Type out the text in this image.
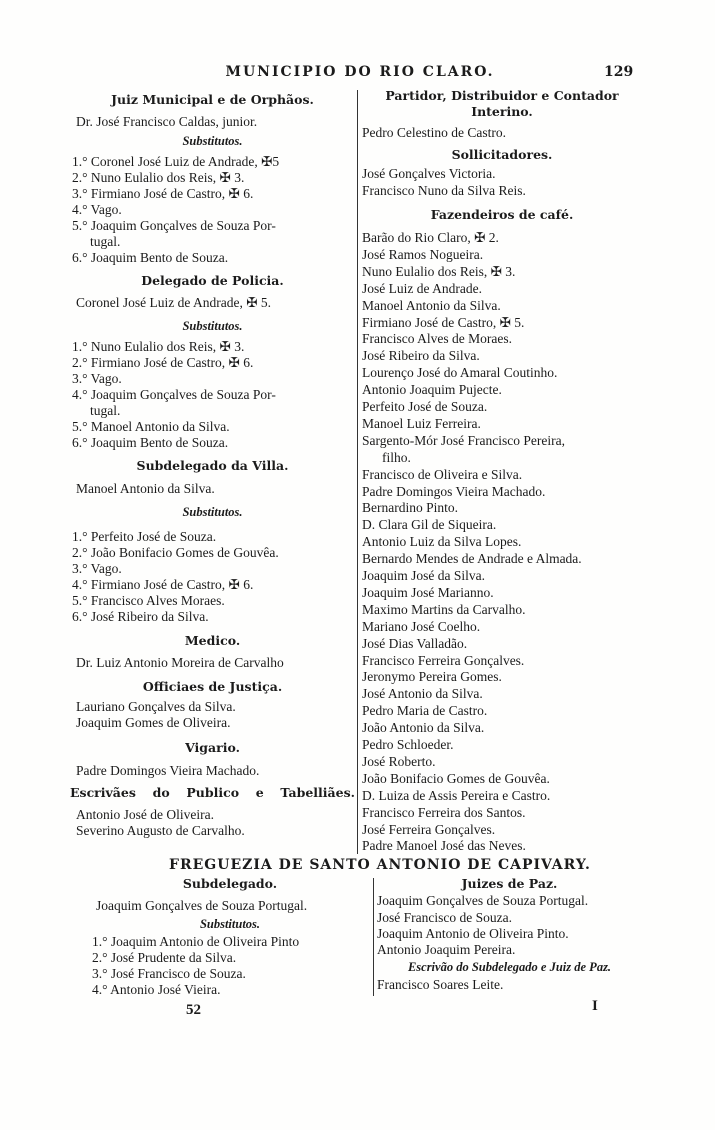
MUNICIPIO DO RIO CLARO.	129
FREGUEZIA DE SANTO ANTONIO DE CAPIVARY.
52	I
Juiz Municipal e de Orphãos.
Dr. José Francisco Caldas, junior.
Substitutos.
1.° Coronel José Luiz de Andrade, ✠5
2.° Nuno Eulalio dos Reis, ✠ 3.
3.° Firmiano José de Castro, ✠ 6.
4.° Vago.
5.° Joaquim Gonçalves de Souza Por-
tugal.
6.° Joaquim Bento de Souza.
Delegado de Policia.
Coronel José Luiz de Andrade, ✠ 5.
Substitutos.
1.° Nuno Eulalio dos Reis, ✠ 3.
2.° Firmiano José de Castro, ✠ 6.
3.° Vago.
4.° Joaquim Gonçalves de Souza Por-
tugal.
5.° Manoel Antonio da Silva.
6.° Joaquim Bento de Souza.
Subdelegado da Villa.
Manoel Antonio da Silva.
Substitutos.
1.° Perfeito José de Souza.
2.° João Bonifacio Gomes de Gouvêa.
3.° Vago.
4.° Firmiano José de Castro, ✠ 6.
5.° Francisco Alves Moraes.
6.° José Ribeiro da Silva.
Medico.
Dr. Luiz Antonio Moreira de Carvalho
Officiaes de Justiça.
Lauriano Gonçalves da Silva.
Joaquim Gomes de Oliveira.
Vigario.
Padre Domingos Vieira Machado.
Escrivães do Publico e Tabelliães.
Antonio José de Oliveira.
Severino Augusto de Carvalho.
Partidor, Distribuidor e Contador
Interino.
Pedro Celestino de Castro.
Sollicitadores.
José Gonçalves Victoria.
Francisco Nuno da Silva Reis.
Fazendeiros de café.
Barão do Rio Claro, ✠ 2.
José Ramos Nogueira.
Nuno Eulalio dos Reis, ✠ 3.
José Luiz de Andrade.
Manoel Antonio da Silva.
Firmiano José de Castro, ✠ 5.
Francisco Alves de Moraes.
José Ribeiro da Silva.
Lourenço José do Amaral Coutinho.
Antonio Joaquim Pujecte.
Perfeito José de Souza.
Manoel Luiz Ferreira.
Sargento-Mór José Francisco Pereira,
filho.
Francisco de Oliveira e Silva.
Padre Domingos Vieira Machado.
Bernardino Pinto.
D. Clara Gil de Siqueira.
Antonio Luiz da Silva Lopes.
Bernardo Mendes de Andrade e Almada.
Joaquim José da Silva.
Joaquim José Marianno.
Maximo Martins da Carvalho.
Mariano José Coelho.
José Dias Valladão.
Francisco Ferreira Gonçalves.
Jeronymo Pereira Gomes.
José Antonio da Silva.
Pedro Maria de Castro.
João Antonio da Silva.
Pedro Schloeder.
José Roberto.
João Bonifacio Gomes de Gouvêa.
D. Luiza de Assis Pereira e Castro.
Francisco Ferreira dos Santos.
José Ferreira Gonçalves.
Padre Manoel José das Neves.
Subdelegado.
Joaquim Gonçalves de Souza Portugal.
Substitutos.
1.° Joaquim Antonio de Oliveira Pinto
2.° José Prudente da Silva.
3.° José Francisco de Souza.
4.° Antonio José Vieira.
Juizes de Paz.
Joaquim Gonçalves de Souza Portugal.
José Francisco de Souza.
Joaquim Antonio de Oliveira Pinto.
Antonio Joaquim Pereira.
Escrivão do Subdelegado e Juiz de Paz.
Francisco Soares Leite.
